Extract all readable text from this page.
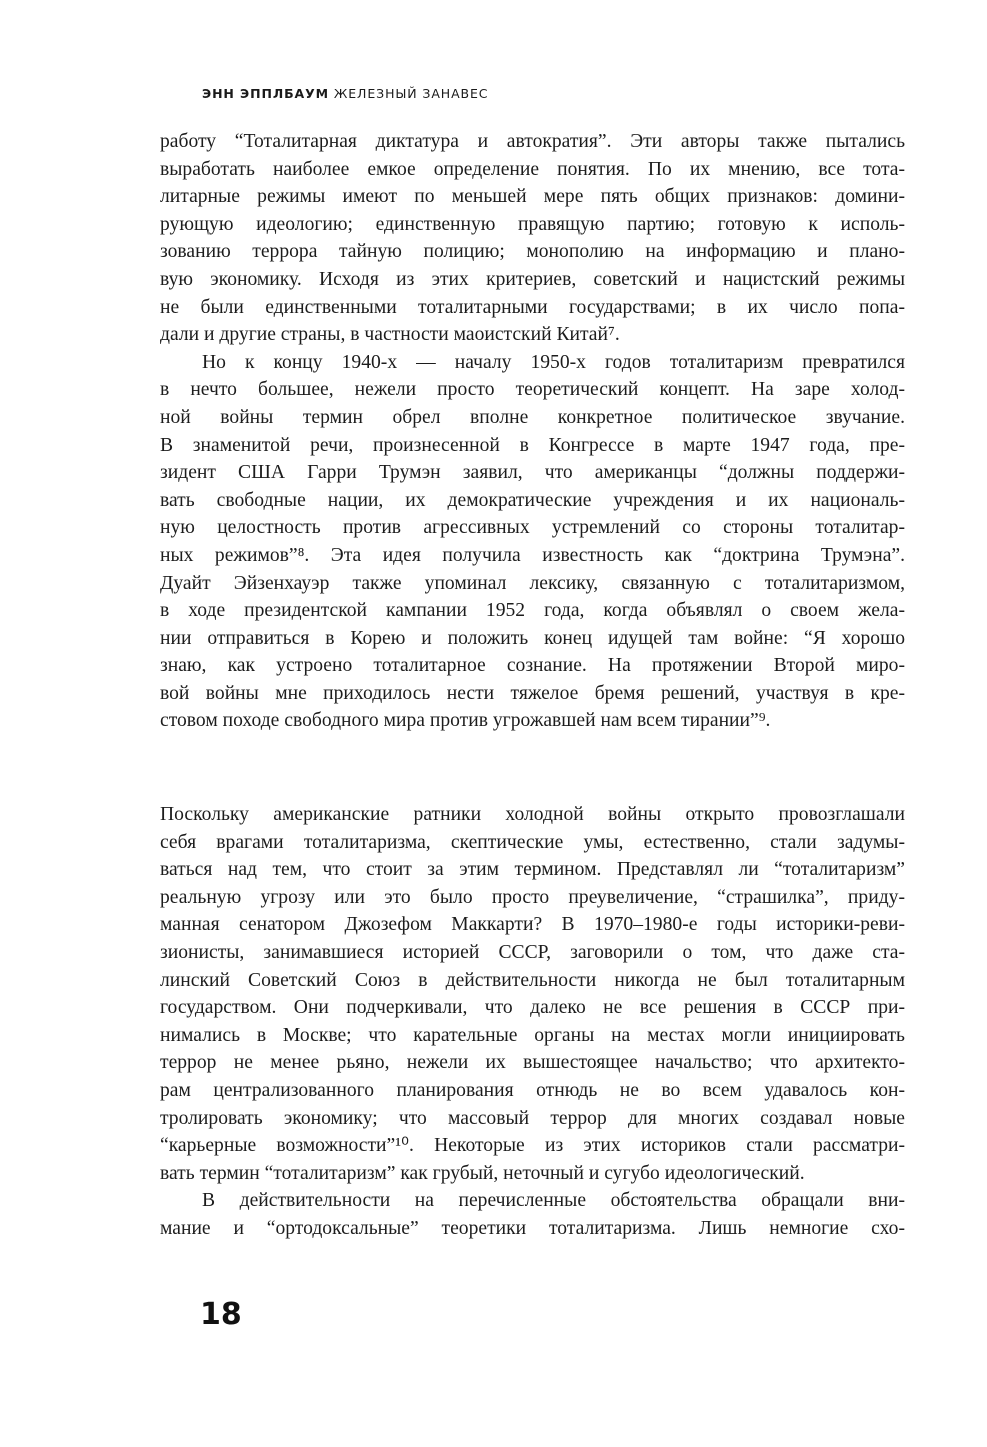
ЭНН ЭППЛБАУМ ЖЕЛЕЗНЫЙ ЗАНАВЕС

работу “Тоталитарная диктатура и автократия”. Эти авторы также пытались
выработать наиболее емкое определение понятия. По их мнению, все тота-
литарные режимы имеют по меньшей мере пять общих признаков: домини-
рующую идеологию; единственную правящую партию; готовую к исполь-
зованию террора тайную полицию; монополию на информацию и плано-
вую экономику. Исходя из этих критериев, советский и нацистский режимы
не были единственными тоталитарными государствами; в их число попа-
дали и другие страны, в частности маоистский Китай⁷.

Но к концу 1940-х — началу 1950-х годов тоталитаризм превратился
в нечто большее, нежели просто теоретический концепт. На заре холод-
ной войны термин обрел вполне конкретное политическое звучание.
В знаменитой речи, произнесенной в Конгрессе в марте 1947 года, пре-
зидент США Гарри Трумэн заявил, что американцы “должны поддержи-
вать свободные нации, их демократические учреждения и их националь-
ную целостность против агрессивных устремлений со стороны тоталитар-
ных режимов”⁸. Эта идея получила известность как “доктрина Трумэна”.
Дуайт Эйзенхауэр также упоминал лексику, связанную с тоталитаризмом,
в ходе президентской кампании 1952 года, когда объявлял о своем жела-
нии отправиться в Корею и положить конец идущей там войне: “Я хорошо
знаю, как устроено тоталитарное сознание. На протяжении Второй миро-
вой войны мне приходилось нести тяжелое бремя решений, участвуя в кре-
стовом походе свободного мира против угрожавшей нам всем тирании”⁹.

Поскольку американские ратники холодной войны открыто провозглашали
себя врагами тоталитаризма, скептические умы, естественно, стали задумы-
ваться над тем, что стоит за этим термином. Представлял ли “тоталитаризм”
реальную угрозу или это было просто преувеличение, “страшилка”, приду-
манная сенатором Джозефом Маккарти? В 1970–1980-е годы историки-реви-
зионисты, занимавшиеся историей СССР, заговорили о том, что даже ста-
линский Советский Союз в действительности никогда не был тоталитарным
государством. Они подчеркивали, что далеко не все решения в СССР при-
нимались в Москве; что карательные органы на местах могли инициировать
террор не менее рьяно, нежели их вышестоящее начальство; что архитекто-
рам централизованного планирования отнюдь не во всем удавалось кон-
тролировать экономику; что массовый террор для многих создавал новые
“карьерные возможности”¹⁰. Некоторые из этих историков стали рассматри-
вать термин “тоталитаризм” как грубый, неточный и сугубо идеологический.

В действительности на перечисленные обстоятельства обращали вни-
мание и “ортодоксальные” теоретики тоталитаризма. Лишь немногие схо-

18
